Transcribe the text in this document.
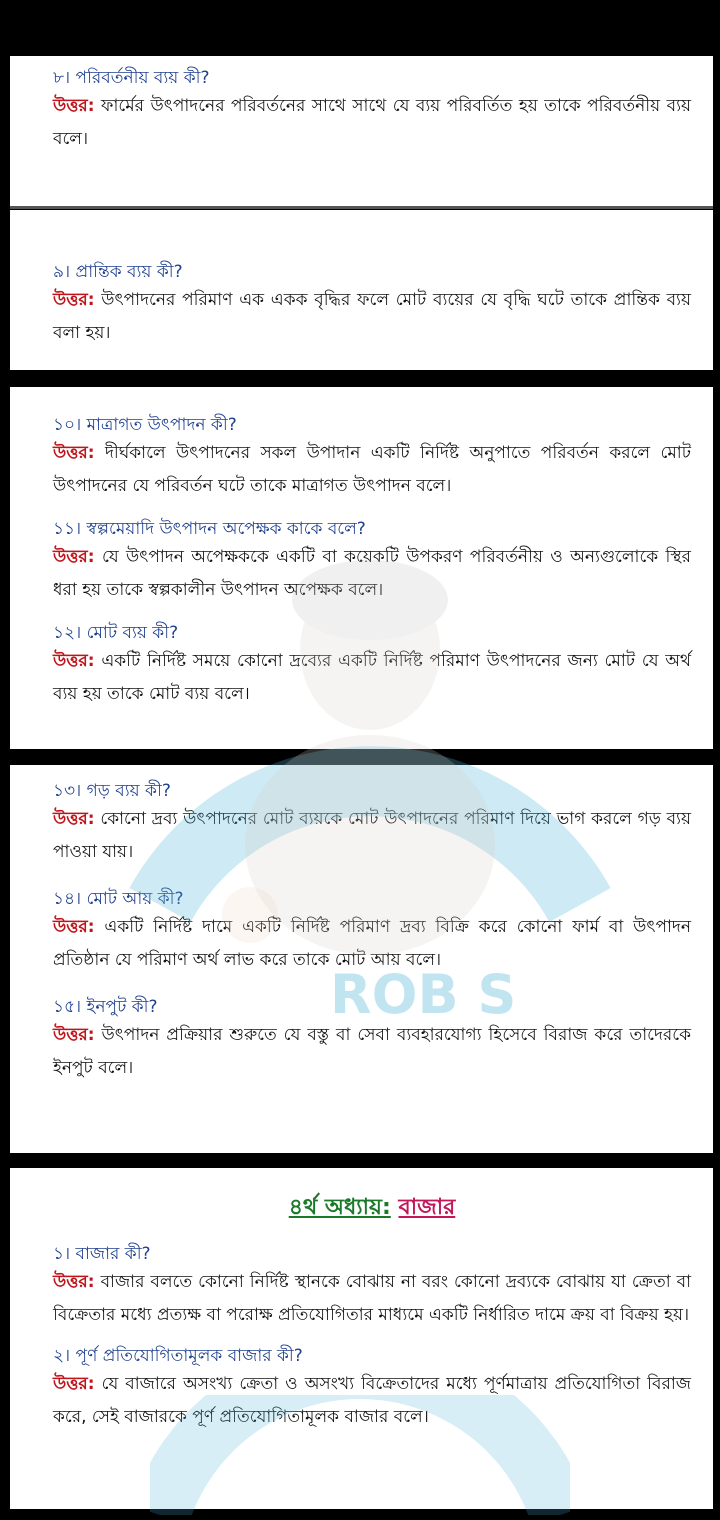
৮। পরিবর্তনীয় ব্যয় কী?

উত্তর: ফার্মের উৎপাদনের পরিবর্তনের সাথে সাথে যে ব্যয় পরিবর্তিত হয় তাকে পরিবর্তনীয় ব্যয় বলে।

৯। প্রান্তিক ব্যয় কী?

উত্তর: উৎপাদনের পরিমাণ এক একক বৃদ্ধির ফলে মোট ব্যয়ের যে বৃদ্ধি ঘটে তাকে প্রান্তিক ব্যয় বলা হয়।

১০। মাত্রাগত উৎপাদন কী?

উত্তর: দীর্ঘকালে উৎপাদনের সকল উপাদান একটি নির্দিষ্ট অনুপাতে পরিবর্তন করলে মোট উৎপাদনের যে পরিবর্তন ঘটে তাকে মাত্রাগত উৎপাদন বলে।

১১। স্বল্পমেয়াদি উৎপাদন অপেক্ষক কাকে বলে?

উত্তর: যে উৎপাদন অপেক্ষককে একটি বা কয়েকটি উপকরণ পরিবর্তনীয় ও অন্যগুলোকে স্থির ধরা হয় তাকে স্বল্পকালীন উৎপাদন অপেক্ষক বলে।

১২। মোট ব্যয় কী?

উত্তর: একটি নির্দিষ্ট সময়ে কোনো দ্রব্যের একটি নির্দিষ্ট পরিমাণ উৎপাদনের জন্য মোট যে অর্থ ব্যয় হয় তাকে মোট ব্যয় বলে।

১৩। গড় ব্যয় কী?

উত্তর: কোনো দ্রব্য উৎপাদনের মোট ব্যয়কে মোট উৎপাদনের পরিমাণ দিয়ে ভাগ করলে গড় ব্যয় পাওয়া যায়।

১৪। মোট আয় কী?

উত্তর: একটি নির্দিষ্ট দামে একটি নির্দিষ্ট পরিমাণ দ্রব্য বিক্রি করে কোনো ফার্ম বা উৎপাদন প্রতিষ্ঠান যে পরিমাণ অর্থ লাভ করে তাকে মোট আয় বলে।

১৫। ইনপুট কী?

উত্তর: উৎপাদন প্রক্রিয়ার শুরুতে যে বস্তু বা সেবা ব্যবহারযোগ্য হিসেবে বিরাজ করে তাদেরকে ইনপুট বলে।

৪র্থ অধ্যায়: বাজার

১। বাজার কী?

উত্তর: বাজার বলতে কোনো নির্দিষ্ট স্থানকে বোঝায় না বরং কোনো দ্রব্যকে বোঝায় যা ক্রেতা বা বিক্রেতার মধ্যে প্রত্যক্ষ বা পরোক্ষ প্রতিযোগিতার মাধ্যমে একটি নির্ধারিত দামে ক্রয় বা বিক্রয় হয়।

২। পূর্ণ প্রতিযোগিতামূলক বাজার কী?

উত্তর: যে বাজারে অসংখ্য ক্রেতা ও অসংখ্য বিক্রেতাদের মধ্যে পূর্ণমাত্রায় প্রতিযোগিতা বিরাজ করে, সেই বাজারকে পূর্ণ প্রতিযোগিতামূলক বাজার বলে।

ROB S
